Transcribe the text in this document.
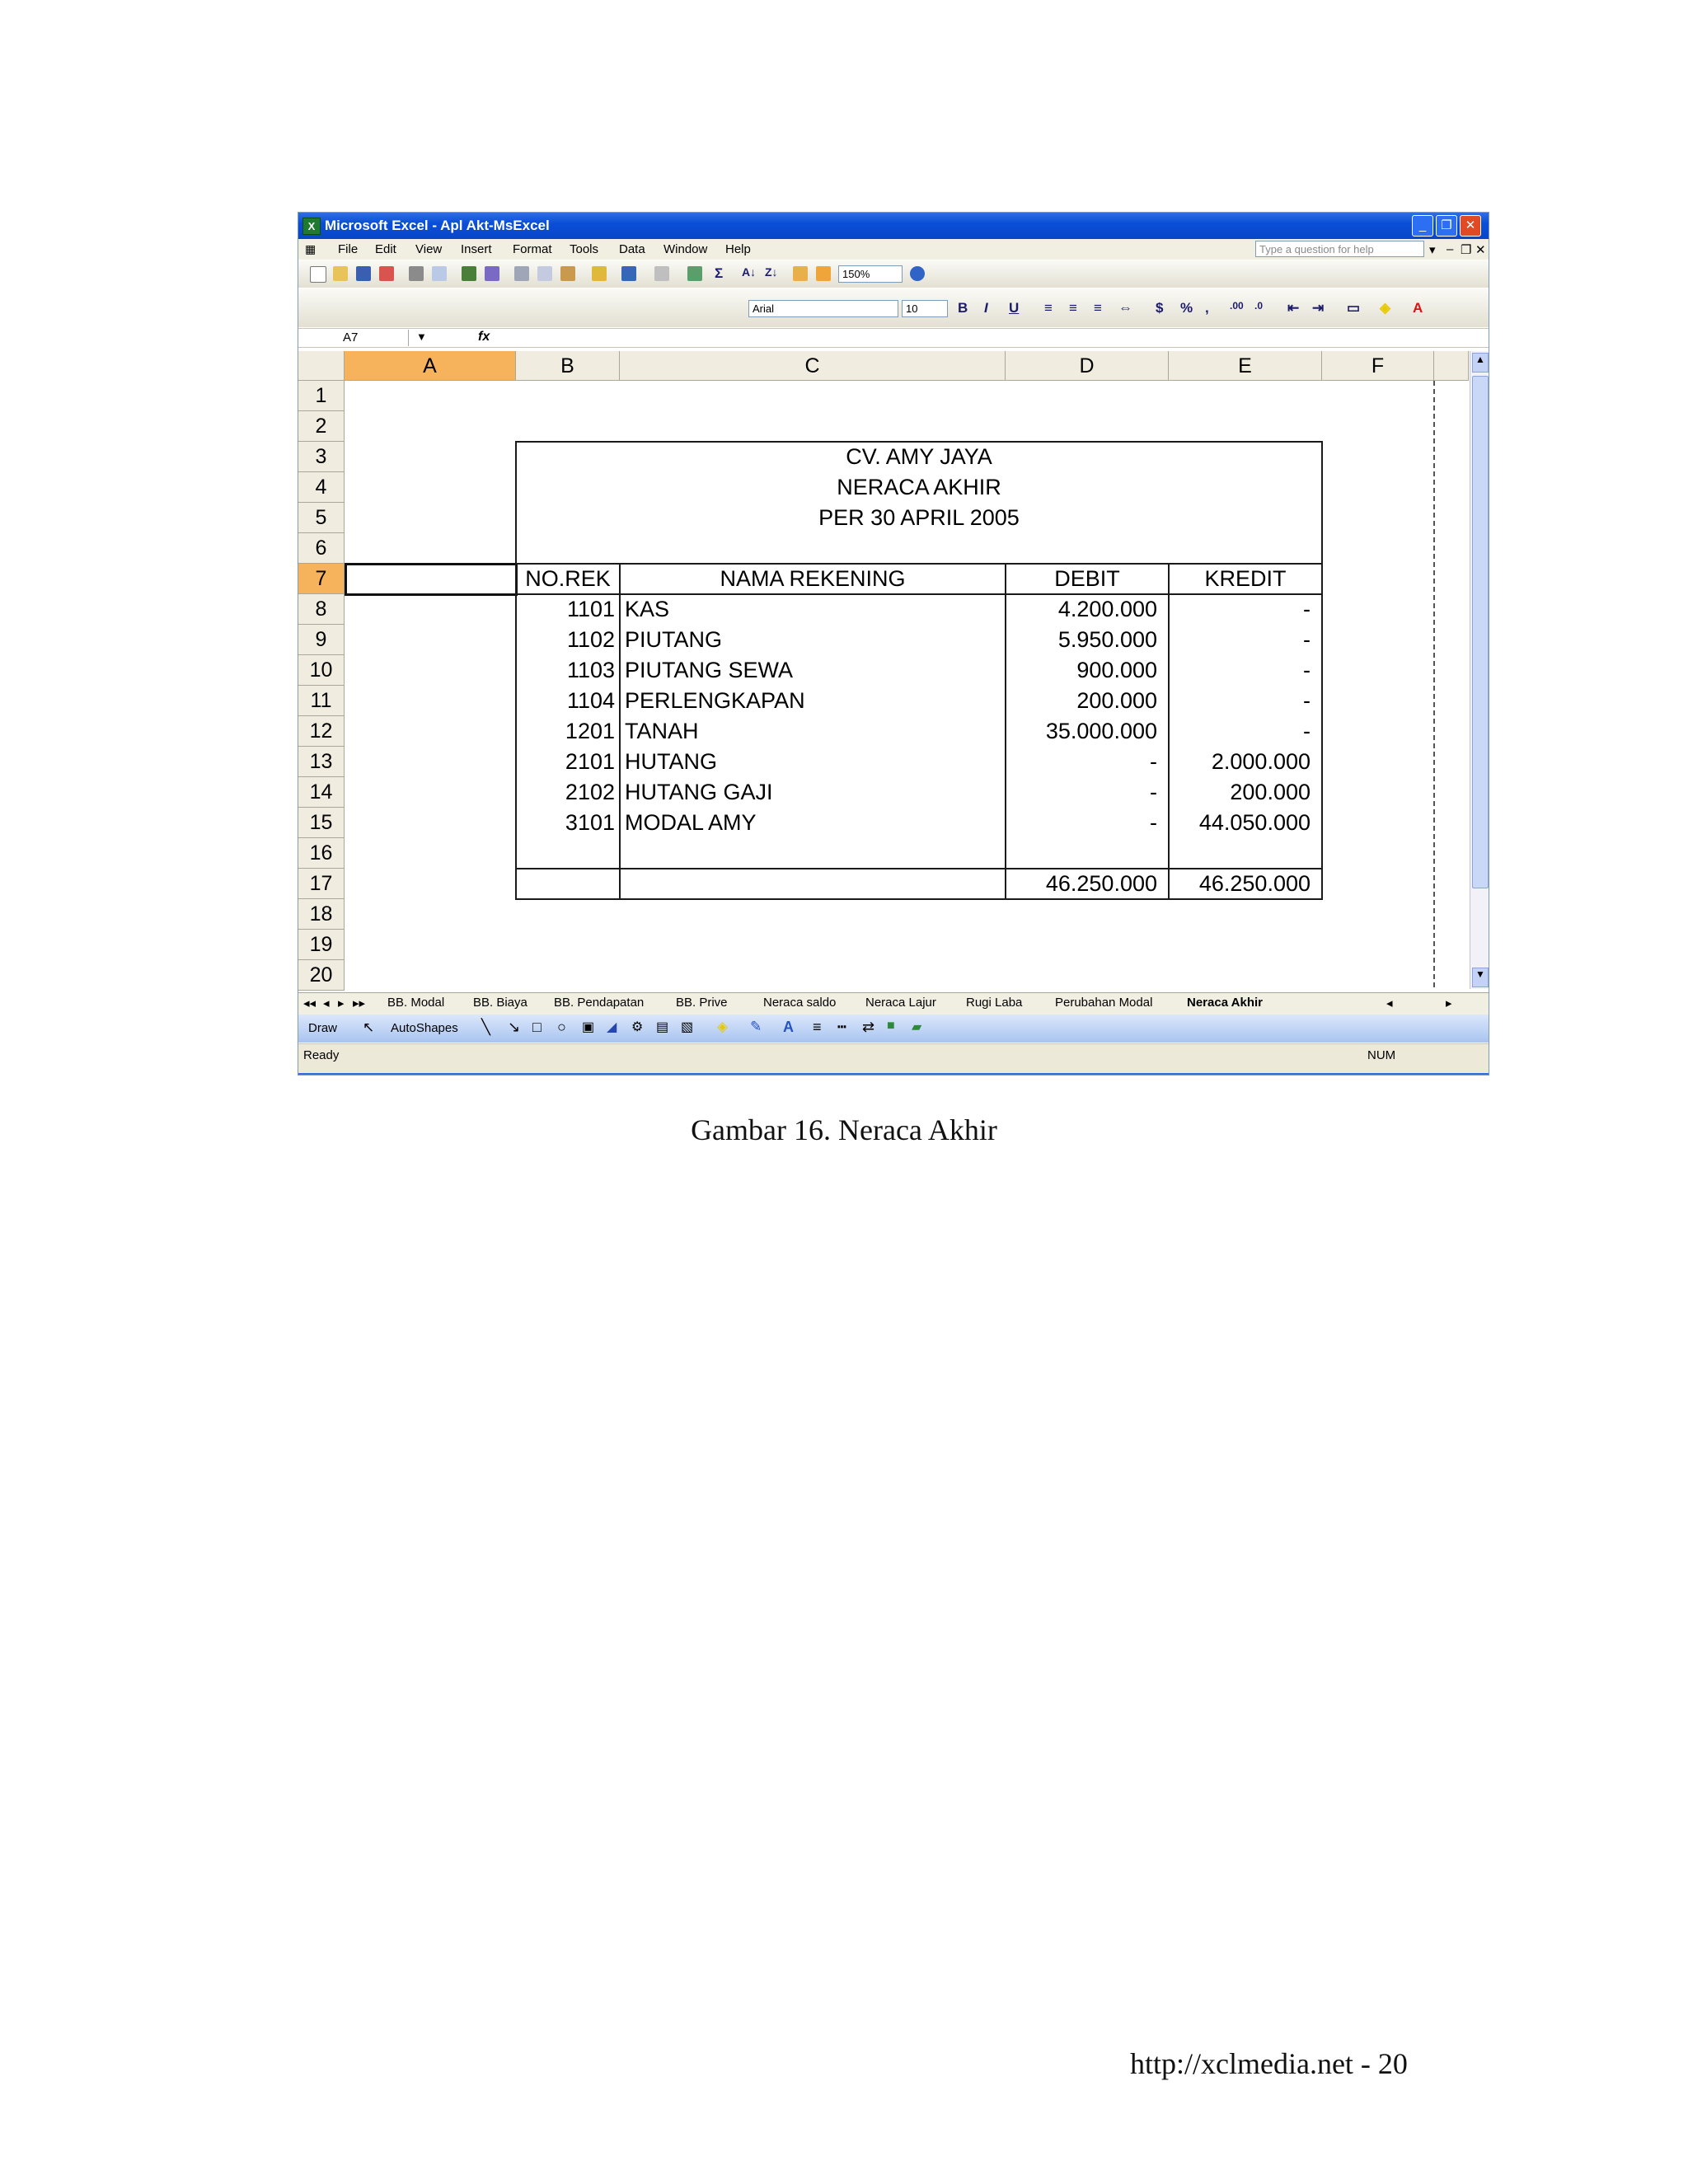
X Microsoft Excel - Apl Akt-MsExcel	_	❐	✕
▦ File Edit View Insert Format Tools Data Window Help	Type a question for help	▾ – ❐ ✕
Σ A↓ Z↓	150%
Arial	10	B I U ≡ ≡ ≡ ⇔ $ % , .00 .0 ⇤ ⇥ ▭ ◈ A
A7	▼	fx
A	B	C	D	E	F
1
2
3
4
5
6
7
8
9
10
11
12
13
14
15
16
17
18
19
20
CV. AMY JAYA
NERACA AKHIR
PER 30 APRIL 2005
NO.REK	NAMA REKENING	DEBIT	KREDIT
1101 KAS	4.200.000	-
1102 PIUTANG	5.950.000	-
1103 PIUTANG SEWA	900.000	-
1104 PERLENGKAPAN	200.000	-
1201 TANAH	35.000.000	-
2101 HUTANG	-	2.000.000
2102 HUTANG GAJI	-	200.000
3101 MODAL AMY	-	44.050.000
46.250.000	46.250.000
▲
▼
◂◂ ◂ ▸ ▸▸ BB. Modal BB. Biaya BB. Pendapatan	BB. Prive	Neraca saldo Neraca Lajur Rugi Laba	Perubahan Modal	Neraca Akhir	◂	▸
Draw ↖ AutoShapes ╲ ↘ □ ○ ▣ ◢ ⚙ ▤ ▧ ◈ ✎ A ≡ ┅ ⇄ ■ ▰
Ready	NUM
Gambar 16. Neraca Akhir
http://xclmedia.net - 20
